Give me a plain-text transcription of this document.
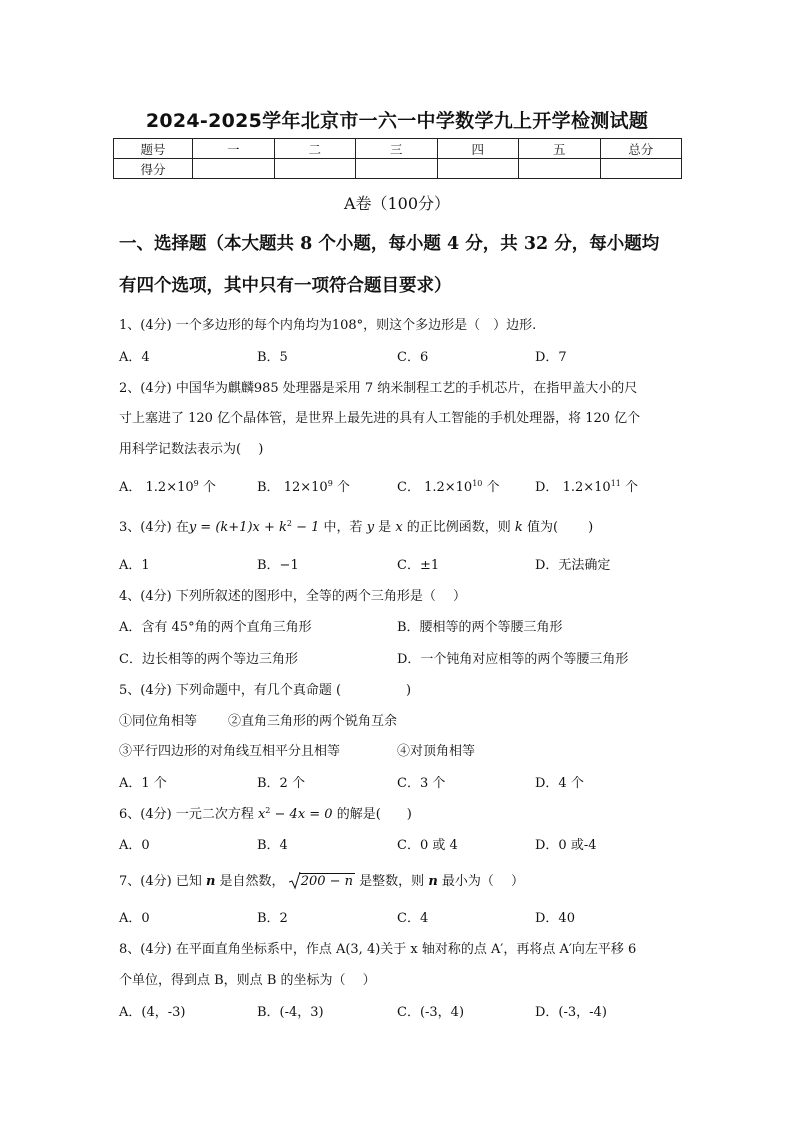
2024-2025学年北京市一六一中学数学九上开学检测试题
题号	一	二	三	四	五	总分
得分						
A卷（100分）
一、选择题（本大题共 8 个小题，每小题 4 分，共 32 分，每小题均
有四个选项，其中只有一项符合题目要求）
1、(4分) 一个多边形的每个内角均为108°，则这个多边形是（　）边形.
A．4	B．5	C．6	D．7
2、(4分) 中国华为麒麟985 处理器是采用 7 纳米制程工艺的手机芯片，在指甲盖大小的尺
寸上塞进了 120 亿个晶体管，是世界上最先进的具有人工智能的手机处理器，将 120 亿个
用科学记数法表示为(　 )
A． $1.2\times 10^9$ 个	B． $12\times 10^9$ 个	C． $1.2\times 10^{10}$ 个	D． $1.2\times 10^{11}$ 个
3、(4分) 在$y = (k+1)x + k^2 - 1$ 中，若 y 是 x 的正比例函数，则 k 值为(　　 )
A．1	B．−1	C．±1	D．无法确定
4、(4分) 下列所叙述的图形中，全等的两个三角形是（　 ）
A．含有 45°角的两个直角三角形	B．腰相等的两个等腰三角形
C．边长相等的两个等边三角形	D．一个钝角对应相等的两个等腰三角形
5、(4分) 下列命题中，有几个真命题 (　　　　　)
①同位角相等 ②直角三角形的两个锐角互余
③平行四边形的对角线互相平分且相等	④对顶角相等
A．1 个	B．2 个	C．3 个	D．4 个
6、(4分) 一元二次方程 $x^2 - 4x = 0$ 的解是(　　)
A．0	B．4	C．0 或 4	D．0 或-4
7、(4分) 已知 n 是自然数， 200 − n 是整数，则 n 最小为（　 ）
A．0	B．2	C．4	D．40
8、(4分) 在平面直角坐标系中，作点 A(3, 4)关于 x 轴对称的点 A′，再将点 A′向左平移 6
个单位，得到点 B，则点 B 的坐标为（　 ）
A．(4，-3)	B．(-4，3)	C．(-3，4)	D．(-3，-4)
